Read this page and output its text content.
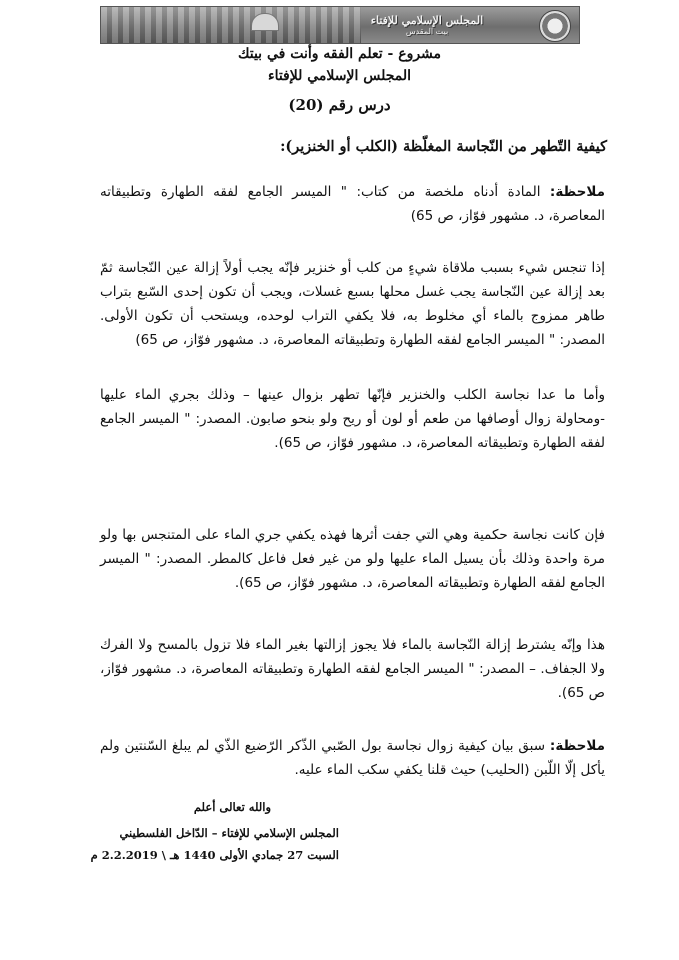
المجلس الإسلامي للإفتاء
بيت المقدس
مشروع - تعلم الفقه وأنت في بيتك
المجلس الإسلامي للإفتاء
درس رقم (20)
كيفية التّطهر من النّجاسة المغلّظة (الكلب أو الخنزير):
ملاحظة: المادة أدناه ملخصة من كتاب: " الميسر الجامع لفقه الطهارة وتطبيقاته المعاصرة، د. مشهور فوّاز، ص 65)
إذا تنجس شيء بسبب ملاقاة شيءٍ من كلب أو خنزير فإنّه يجب أولاً إزالة عين النّجاسة ثمّ بعد إزالة عين النّجاسة يجب غسل محلها بسبع غسلات، ويجب أن تكون إحدى السّبع بتراب طاهر ممزوج بالماء أي مخلوط به، فلا يكفي التراب لوحده، ويستحب أن تكون الأولى. المصدر: " الميسر الجامع لفقه الطهارة وتطبيقاته المعاصرة، د. مشهور فوّاز، ص 65)
وأما ما عدا نجاسة الكلب والخنزير فإنّها تطهر بزوال عينها – وذلك بجري الماء عليها -ومحاولة زوال أوصافها من طعم أو لون أو ريح ولو بنحو صابون. المصدر: " الميسر الجامع لفقه الطهارة وتطبيقاته المعاصرة، د. مشهور فوّاز، ص 65).
فإن كانت نجاسة حكمية وهي التي جفت أثرها فهذه يكفي جري الماء على المتنجس بها ولو مرة واحدة وذلك بأن يسيل الماء عليها ولو من غير فعل فاعل كالمطر. المصدر: " الميسر الجامع لفقه الطهارة وتطبيقاته المعاصرة، د. مشهور فوّاز، ص 65).
هذا وإنّه يشترط إزالة النّجاسة بالماء فلا يجوز إزالتها بغير الماء فلا تزول بالمسح ولا الفرك ولا الجفاف. – المصدر: " الميسر الجامع لفقه الطهارة وتطبيقاته المعاصرة، د. مشهور فوّاز، ص 65).
ملاحظة: سبق بيان كيفية زوال نجاسة بول الصّبي الذّكر الرّضيع الذّي لم يبلغ السّنتين ولم يأكل إلّا اللّبن (الحليب) حيث قلنا يكفي سكب الماء عليه.
والله تعالى أعلم
المجلس الإسلامي للإفتاء – الدّاخل الفلسطيني
السبت 27 جمادي الأولى 1440 هـ \ 2.2.2019 م
